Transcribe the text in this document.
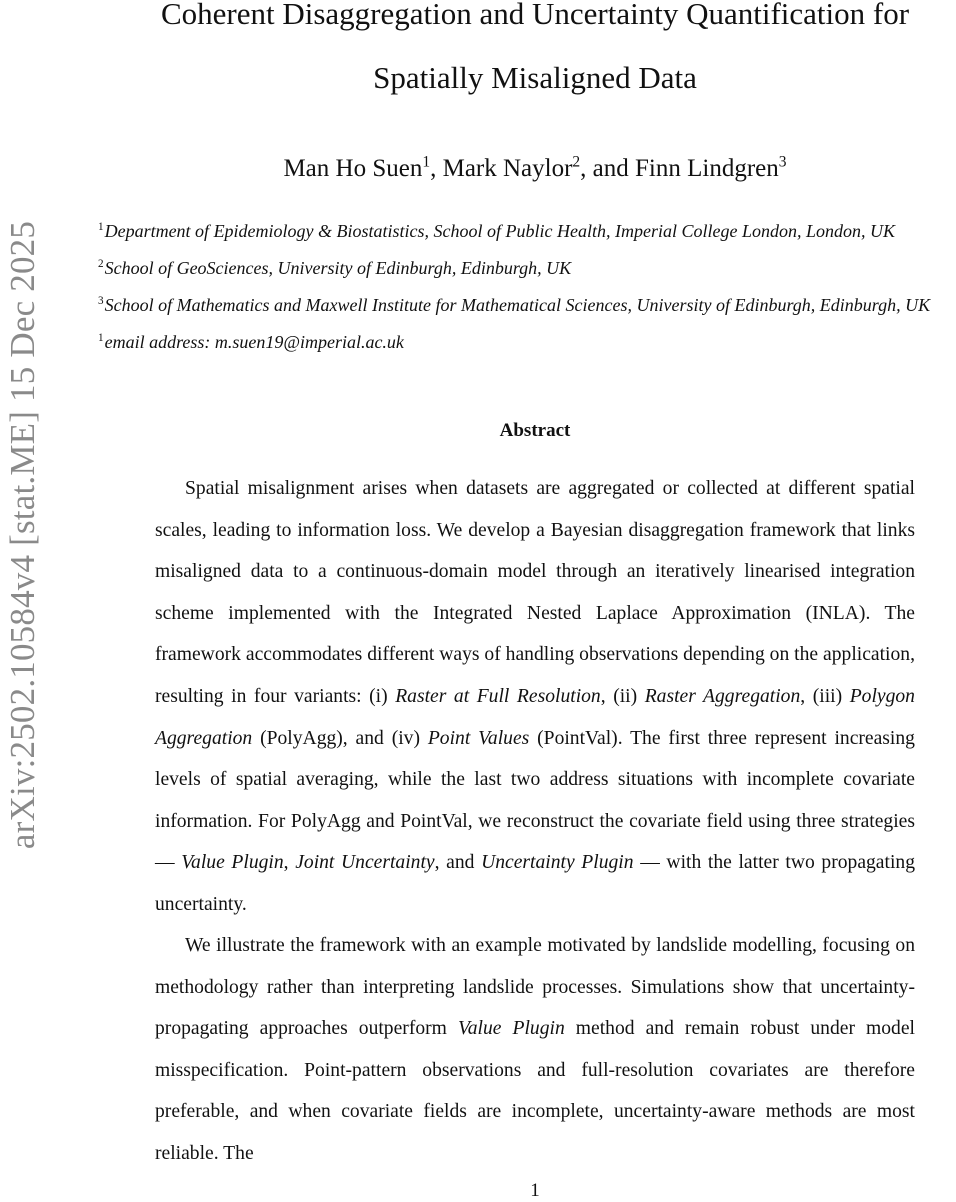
arXiv:2502.10584v4 [stat.ME] 15 Dec 2025
Coherent Disaggregation and Uncertainty Quantification for
Spatially Misaligned Data
Man Ho Suen$^1$, Mark Naylor$^2$, and Finn Lindgren$^3$
$^1$Department of Epidemiology & Biostatistics, School of Public Health, Imperial College London, London, UK
$^2$School of GeoSciences, University of Edinburgh, Edinburgh, UK
$^3$School of Mathematics and Maxwell Institute for Mathematical Sciences, University of Edinburgh, Edinburgh, UK
$^1$email address: m.suen19@imperial.ac.uk
Abstract

Spatial misalignment arises when datasets are aggregated or collected at different spatial scales, leading to information loss. We develop a Bayesian disaggregation framework that links misaligned data to a continuous-domain model through an iteratively linearised integration scheme implemented with the Integrated Nested Laplace Approximation (INLA). The framework accommodates different ways of handling observations depending on the application, resulting in four variants: (i) Raster at Full Resolution, (ii) Raster Aggregation, (iii) Polygon Aggregation (PolyAgg), and (iv) Point Values (PointVal). The first three represent increasing levels of spatial averaging, while the last two address situations with incomplete covariate information. For PolyAgg and PointVal, we reconstruct the covariate field using three strategies — Value Plugin, Joint Uncertainty, and Uncertainty Plugin — with the latter two propagating uncertainty.

We illustrate the framework with an example motivated by landslide modelling, focusing on methodology rather than interpreting landslide processes. Simulations show that uncertainty-propagating approaches outperform Value Plugin method and remain robust under model misspecification. Point-pattern observations and full-resolution covariates are therefore preferable, and when covariate fields are incomplete, uncertainty-aware methods are most reliable. The

1
